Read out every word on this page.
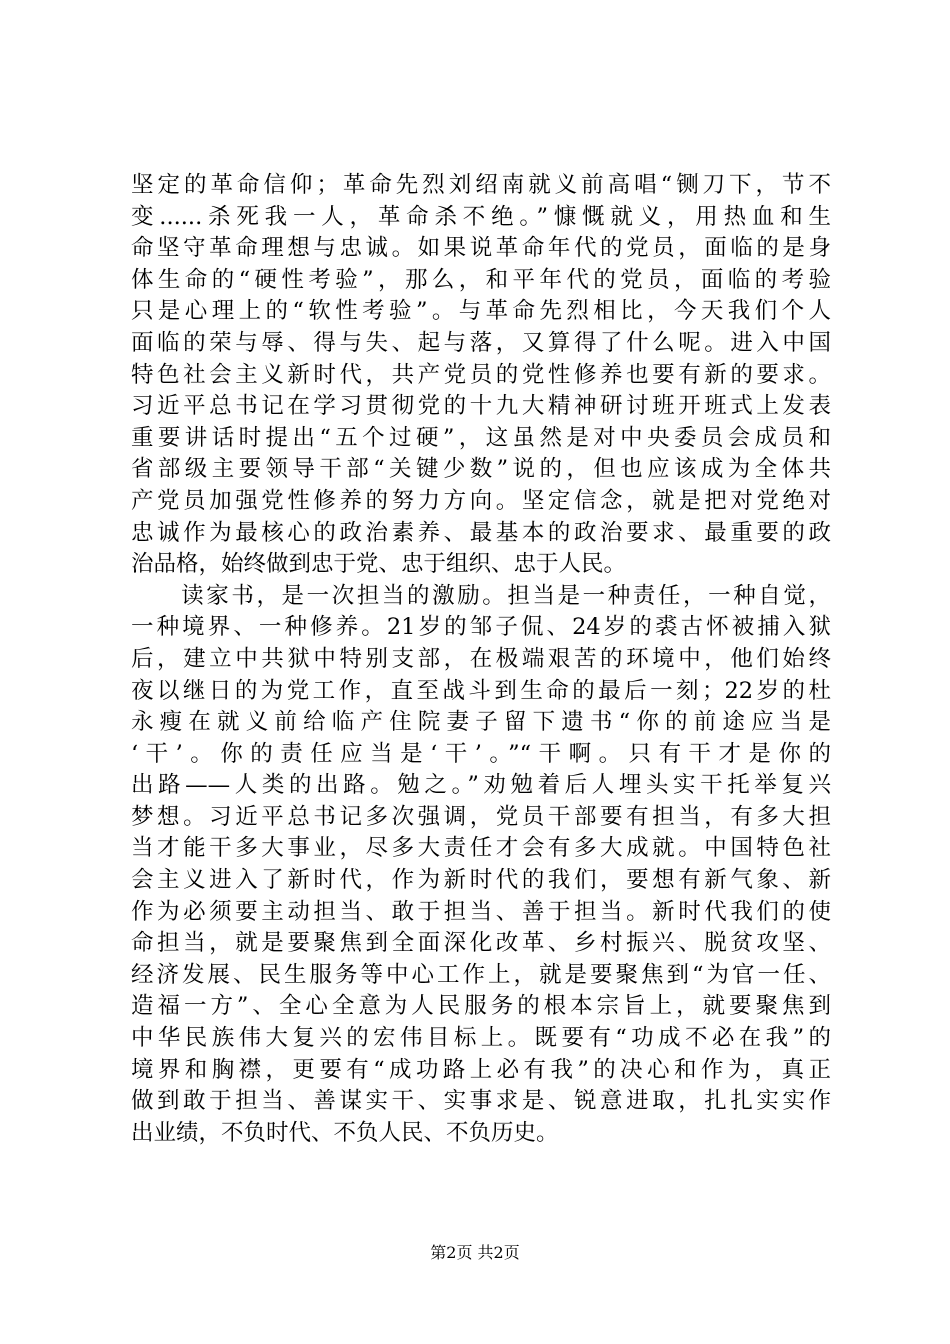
坚定的革命信仰；革命先烈刘绍南就义前高唱“铡刀下，节不
变......杀死我一人，革命杀不绝。”慷慨就义，用热血和生
命坚守革命理想与忠诚。如果说革命年代的党员，面临的是身
体生命的“硬性考验”，那么，和平年代的党员，面临的考验
只是心理上的“软性考验”。与革命先烈相比，今天我们个人
面临的荣与辱、得与失、起与落，又算得了什么呢。进入中国
特色社会主义新时代，共产党员的党性修养也要有新的要求。
习近平总书记在学习贯彻党的十九大精神研讨班开班式上发表
重要讲话时提出“五个过硬”，这虽然是对中央委员会成员和
省部级主要领导干部“关键少数”说的，但也应该成为全体共
产党员加强党性修养的努力方向。坚定信念，就是把对党绝对
忠诚作为最核心的政治素养、最基本的政治要求、最重要的政
治品格，始终做到忠于党、忠于组织、忠于人民。
　　读家书，是一次担当的激励。担当是一种责任，一种自觉，
一种境界、一种修养。21岁的邹子侃、24岁的裘古怀被捕入狱
后，建立中共狱中特别支部，在极端艰苦的环境中，他们始终
夜以继日的为党工作，直至战斗到生命的最后一刻；22岁的杜
永瘦在就义前给临产住院妻子留下遗书“你的前途应当是
‘干’。你的责任应当是‘干’。”“干啊。只有干才是你的
出路——人类的出路。勉之。”劝勉着后人埋头实干托举复兴
梦想。习近平总书记多次强调，党员干部要有担当，有多大担
当才能干多大事业，尽多大责任才会有多大成就。中国特色社
会主义进入了新时代，作为新时代的我们，要想有新气象、新
作为必须要主动担当、敢于担当、善于担当。新时代我们的使
命担当，就是要聚焦到全面深化改革、乡村振兴、脱贫攻坚、
经济发展、民生服务等中心工作上，就是要聚焦到“为官一任、
造福一方”、全心全意为人民服务的根本宗旨上，就要聚焦到
中华民族伟大复兴的宏伟目标上。既要有“功成不必在我”的
境界和胸襟，更要有“成功路上必有我”的决心和作为，真正
做到敢于担当、善谋实干、实事求是、锐意进取，扎扎实实作
出业绩，不负时代、不负人民、不负历史。
第2页 共2页
